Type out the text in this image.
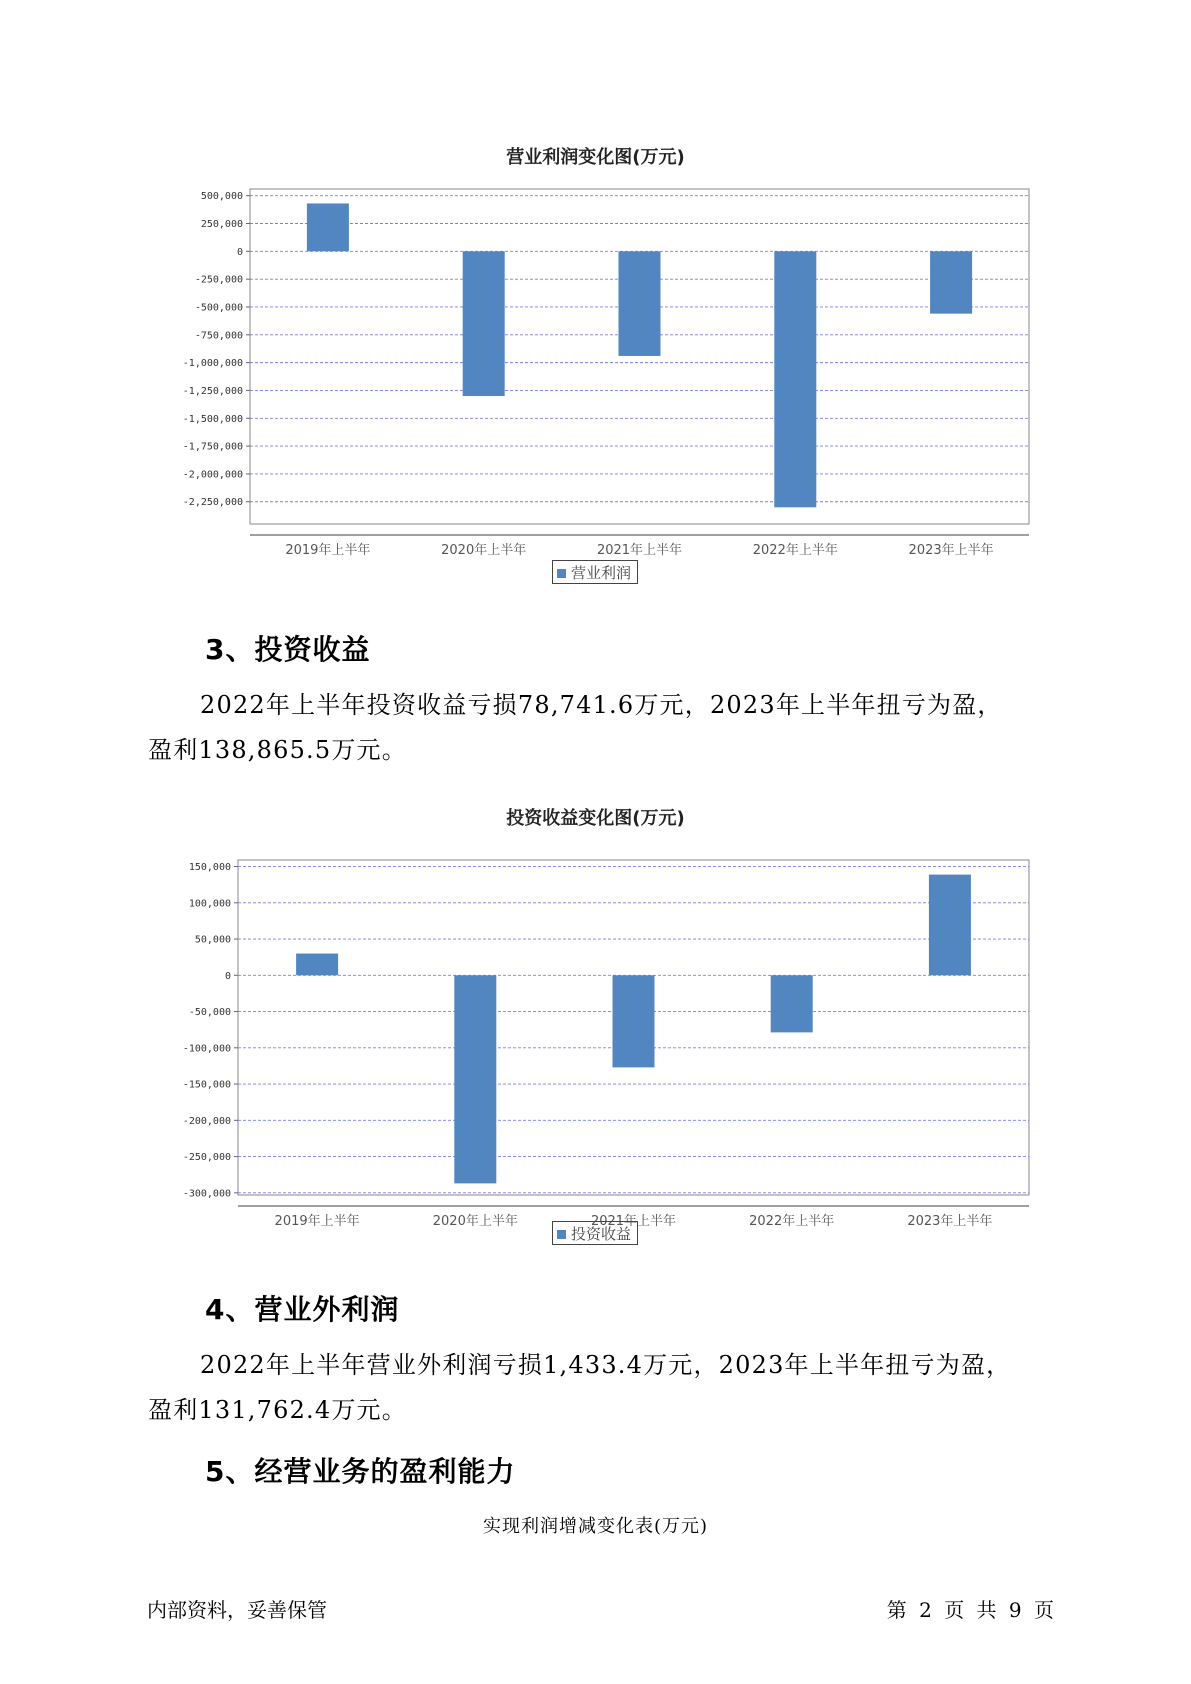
营业利润变化图(万元)
500,000
250,000
0
-250,000
-500,000
-750,000
-1,000,000
-1,250,000
-1,500,000
-1,750,000
-2,000,000
-2,250,000
2019年上半年	2020年上半年	2021年上半年	2022年上半年	2023年上半年
营业利润
3、投资收益
2022年上半年投资收益亏损78,741.6万元，2023年上半年扭亏为盈，
盈利138,865.5万元。
投资收益变化图(万元)
150,000
100,000
50,000
0
-50,000
-100,000
-150,000
-200,000
-250,000
-300,000
2019年上半年	2020年上半年	2021年上半年	2022年上半年	2023年上半年
投资收益
4、营业外利润
2022年上半年营业外利润亏损1,433.4万元，2023年上半年扭亏为盈，
盈利131,762.4万元。
5、经营业务的盈利能力
实现利润增减变化表(万元)
内部资料，妥善保管	第 2 页 共 9 页
